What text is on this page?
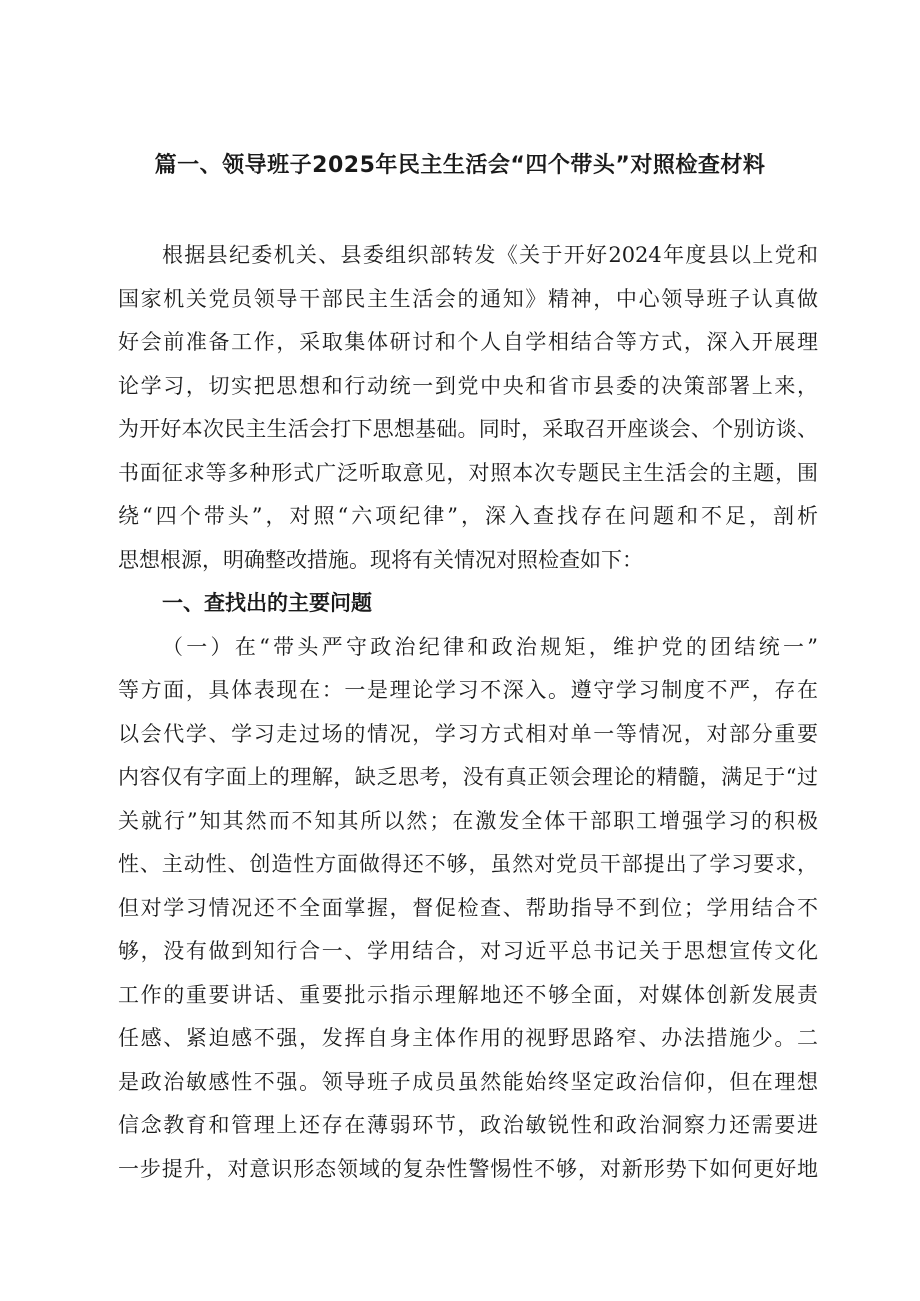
篇一、领导班子2025年民主生活会“四个带头”对照检查材料
根据县纪委机关、县委组织部转发《关于开好2024年度县以上党和
国家机关党员领导干部民主生活会的通知》精神，中心领导班子认真做
好会前准备工作，采取集体研讨和个人自学相结合等方式，深入开展理
论学习，切实把思想和行动统一到党中央和省市县委的决策部署上来，
为开好本次民主生活会打下思想基础。同时，采取召开座谈会、个别访谈、
书面征求等多种形式广泛听取意见，对照本次专题民主生活会的主题，围
绕“四个带头”，对照“六项纪律”，深入查找存在问题和不足，剖析
思想根源，明确整改措施。现将有关情况对照检查如下：
一、查找出的主要问题
（一）在“带头严守政治纪律和政治规矩，维护党的团结统一”
等方面，具体表现在：一是理论学习不深入。遵守学习制度不严，存在
以会代学、学习走过场的情况，学习方式相对单一等情况，对部分重要
内容仅有字面上的理解，缺乏思考，没有真正领会理论的精髓，满足于“过
关就行”知其然而不知其所以然；在激发全体干部职工增强学习的积极
性、主动性、创造性方面做得还不够，虽然对党员干部提出了学习要求，
但对学习情况还不全面掌握，督促检查、帮助指导不到位；学用结合不
够，没有做到知行合一、学用结合，对习近平总书记关于思想宣传文化
工作的重要讲话、重要批示指示理解地还不够全面，对媒体创新发展责
任感、紧迫感不强，发挥自身主体作用的视野思路窄、办法措施少。二
是政治敏感性不强。领导班子成员虽然能始终坚定政治信仰，但在理想
信念教育和管理上还存在薄弱环节，政治敏锐性和政治洞察力还需要进
一步提升，对意识形态领域的复杂性警惕性不够，对新形势下如何更好地
